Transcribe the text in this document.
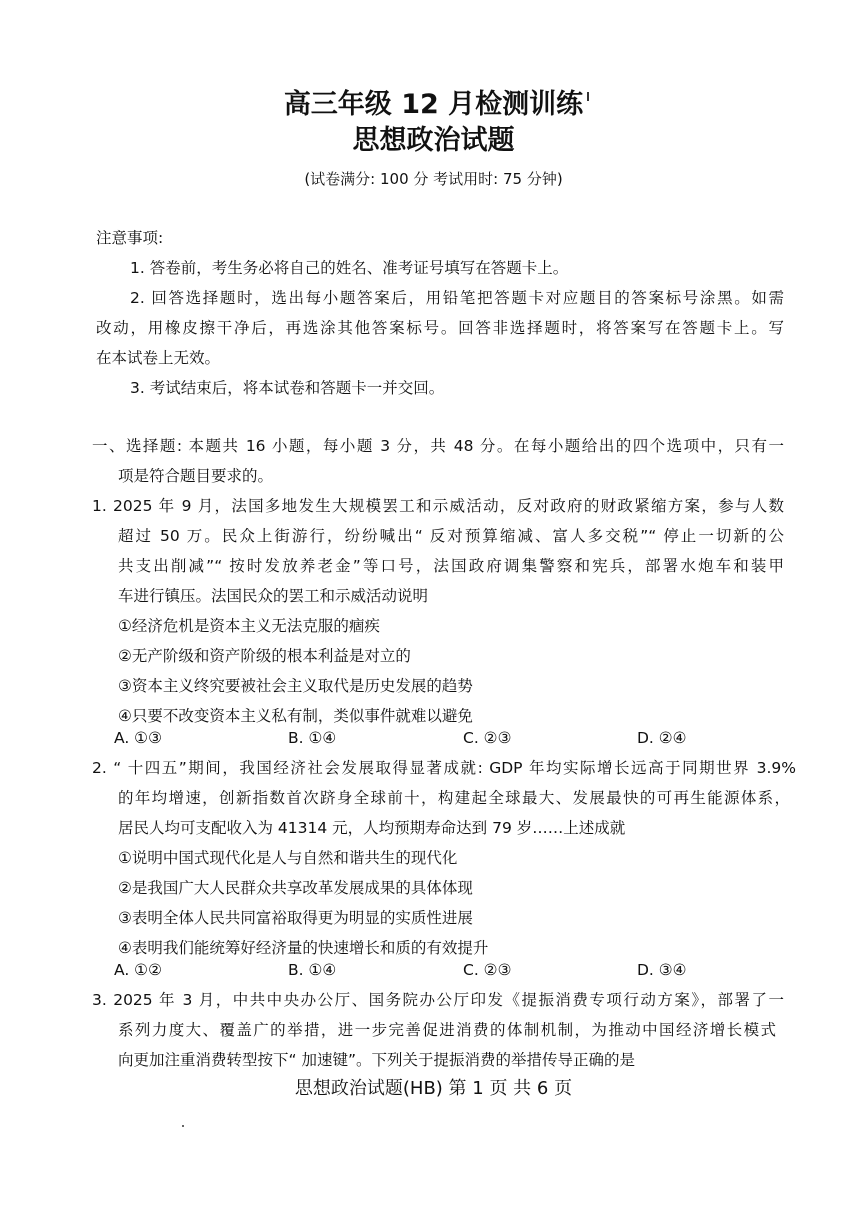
高三年级 12 月检测训练
思想政治试题
(试卷满分: 100 分 考试用时: 75 分钟)
注意事项:
1. 答卷前，考生务必将自己的姓名、准考证号填写在答题卡上。
2. 回答选择题时，选出每小题答案后，用铅笔把答题卡对应题目的答案标号涂黑。如需
改动，用橡皮擦干净后，再选涂其他答案标号。回答非选择题时，将答案写在答题卡上。写
在本试卷上无效。
3. 考试结束后，将本试卷和答题卡一并交回。
一、选择题: 本题共 16 小题，每小题 3 分，共 48 分。在每小题给出的四个选项中，只有一
项是符合题目要求的。
1. 2025 年 9 月，法国多地发生大规模罢工和示威活动，反对政府的财政紧缩方案，参与人数
超过 50 万。民众上街游行，纷纷喊出“ 反对预算缩减、富人多交税”“ 停止一切新的公
共支出削减”“ 按时发放养老金”等口号，法国政府调集警察和宪兵，部署水炮车和装甲
车进行镇压。法国民众的罢工和示威活动说明
①经济危机是资本主义无法克服的痼疾
②无产阶级和资产阶级的根本利益是对立的
③资本主义终究要被社会主义取代是历史发展的趋势
④只要不改变资本主义私有制，类似事件就难以避免
A. ①③	B. ①④	C. ②③	D. ②④
2. “ 十四五”期间，我国经济社会发展取得显著成就: GDP 年均实际增长远高于同期世界 3.9%
的年均增速，创新指数首次跻身全球前十，构建起全球最大、发展最快的可再生能源体系，
居民人均可支配收入为 41314 元，人均预期寿命达到 79 岁……上述成就
①说明中国式现代化是人与自然和谐共生的现代化
②是我国广大人民群众共享改革发展成果的具体体现
③表明全体人民共同富裕取得更为明显的实质性进展
④表明我们能统筹好经济量的快速增长和质的有效提升
A. ①②	B. ①④	C. ②③	D. ③④
3. 2025 年 3 月，中共中央办公厅、国务院办公厅印发《提振消费专项行动方案》，部署了一
系列力度大、覆盖广的举措，进一步完善促进消费的体制机制，为推动中国经济增长模式
向更加注重消费转型按下“ 加速键”。下列关于提振消费的举措传导正确的是
思想政治试题(HB) 第 1 页 共 6 页
